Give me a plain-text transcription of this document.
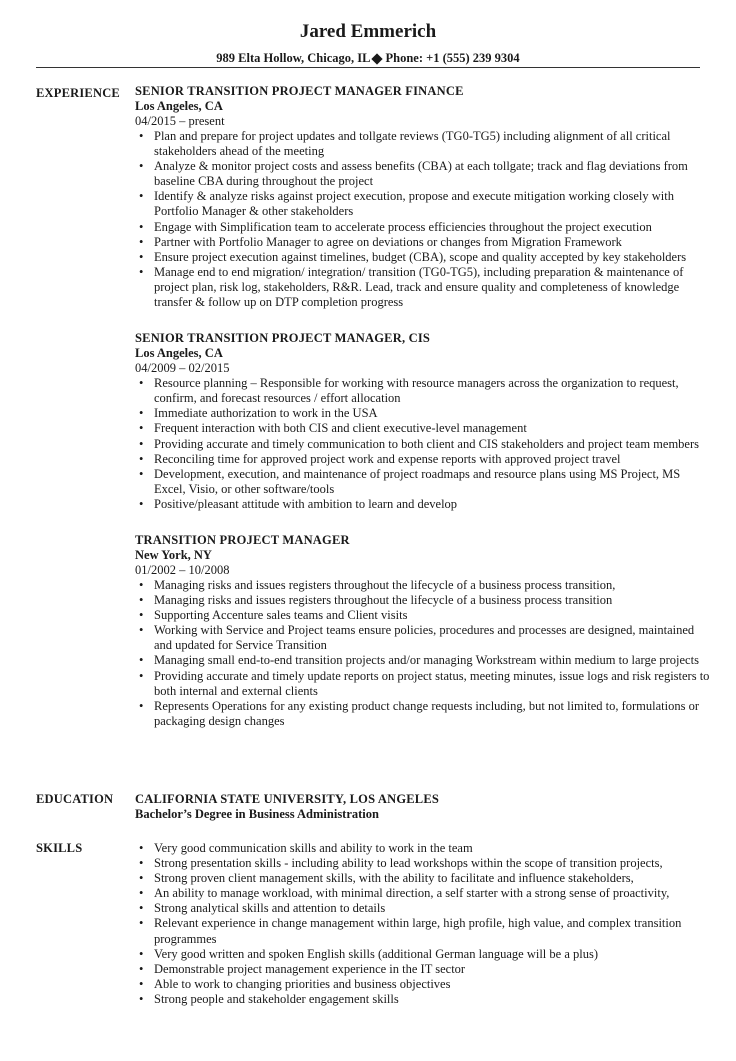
Jared Emmerich
989 Elta Hollow, Chicago, IL Phone: +1 (555) 239 9304
EXPERIENCE SENIOR TRANSITION PROJECT MANAGER FINANCE
Los Angeles, CA
04/2015 – present
• Plan and prepare for project updates and tollgate reviews (TG0-TG5) including alignment of all critical stakeholders ahead of the meeting
• Analyze & monitor project costs and assess benefits (CBA) at each tollgate; track and flag deviations from baseline CBA during throughout the project
• Identify & analyze risks against project execution, propose and execute mitigation working closely with Portfolio Manager & other stakeholders
• Engage with Simplification team to accelerate process efficiencies throughout the project execution
• Partner with Portfolio Manager to agree on deviations or changes from Migration Framework
• Ensure project execution against timelines, budget (CBA), scope and quality accepted by key stakeholders
• Manage end to end migration/ integration/ transition (TG0-TG5), including preparation & maintenance of project plan, risk log, stakeholders, R&R. Lead, track and ensure quality and completeness of knowledge transfer & follow up on DTP completion progress
SENIOR TRANSITION PROJECT MANAGER, CIS
Los Angeles, CA
04/2009 – 02/2015
• Resource planning – Responsible for working with resource managers across the organization to request, confirm, and forecast resources / effort allocation
• Immediate authorization to work in the USA
• Frequent interaction with both CIS and client executive-level management
• Providing accurate and timely communication to both client and CIS stakeholders and project team members
• Reconciling time for approved project work and expense reports with approved project travel
• Development, execution, and maintenance of project roadmaps and resource plans using MS Project, MS Excel, Visio, or other software/tools
• Positive/pleasant attitude with ambition to learn and develop
TRANSITION PROJECT MANAGER
New York, NY
01/2002 – 10/2008
• Managing risks and issues registers throughout the lifecycle of a business process transition,
• Managing risks and issues registers throughout the lifecycle of a business process transition
• Supporting Accenture sales teams and Client visits
• Working with Service and Project teams ensure policies, procedures and processes are designed, maintained and updated for Service Transition
• Managing small end-to-end transition projects and/or managing Workstream within medium to large projects
• Providing accurate and timely update reports on project status, meeting minutes, issue logs and risk registers to both internal and external clients
• Represents Operations for any existing product change requests including, but not limited to, formulations or packaging design changes
EDUCATION CALIFORNIA STATE UNIVERSITY, LOS ANGELES
Bachelor’s Degree in Business Administration
SKILLS	• Very good communication skills and ability to work in the team
• Strong presentation skills - including ability to lead workshops within the scope of transition projects,
• Strong proven client management skills, with the ability to facilitate and influence stakeholders,
• An ability to manage workload, with minimal direction, a self starter with a strong sense of proactivity,
• Strong analytical skills and attention to details
• Relevant experience in change management within large, high profile, high value, and complex transition programmes
• Very good written and spoken English skills (additional German language will be a plus)
• Demonstrable project management experience in the IT sector
• Able to work to changing priorities and business objectives
• Strong people and stakeholder engagement skills
